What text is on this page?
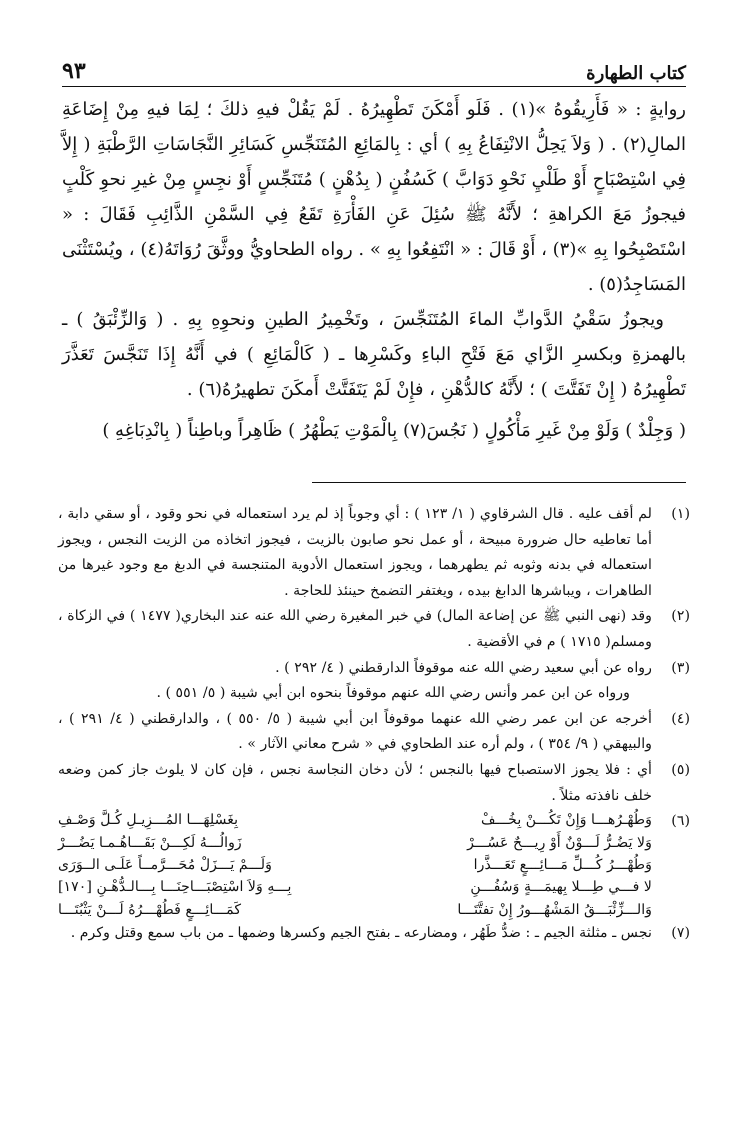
كتاب الطهارة
٩٣

روايةٍ : « فَأَرِيقُوهُ »(١) . فَلَو أَمْكَنَ تَطْهِيرُهُ . لَمْ يَقُلْ فيهِ ذلكَ ؛ لِمَا فيهِ مِنْ إِضَاعَةِ المالِ(٢) . ( وَلاَ يَحِلُّ الانْتِفَاعُ بِهِ ) أي : بِالمَائِعِ المُتَنَجِّسِ كَسَائِرِ النَّجَاسَاتِ الرَّطْبَةِ ( إِلاَّ فِي اسْتِصْبَاحٍ أَوْ طَلْيِ نَحْوِ دَوَابَّ ) كَسُفُنٍ ( بِدُهْنٍ ) مُتَنَجِّسٍ أَوْ نجِسٍ مِنْ غيرِ نحوِ كَلْبٍ فيجوزُ مَعَ الكراهةِ ؛ لأَنَّهُ ﷺ سُئِلَ عَنِ الفَأْرَةِ تَقَعُ فِي السَّمْنِ الذَّائِبِ فَقَالَ : « اسْتَصْبِحُوا بِهِ »(٣) ، أَوْ قَالَ : « انْتَفِعُوا بِهِ » . رواه الطحاويُّ ووثَّقَ رُوَاتَهُ(٤) ، ويُسْتَثْنَى المَسَاجِدُ(٥) .

ويجوزُ سَقْيُ الدَّوابِّ الماءَ المُتَنَجِّسَ ، وتَخْمِيرُ الطينِ ونحوِهِ بِهِ . ( وَالزِّئْبَقُ ) ـ بالهمزةِ وبكسرِ الزَّاي مَعَ فَتْحِ الباءِ وكَسْرِها ـ ( كَالْمَائِعِ ) في أَنَّهُ إِذَا تَنَجَّسَ تَعَذَّرَ تَطْهِيرُهُ ( إِنْ تَفَتَّتَ ) ؛ لأَنَّهُ كالدُّهْنِ ، فإِنْ لَمْ يَتَفَتَّتْ أَمكَنَ تطهيرُهُ(٦) .

( وَجِلْدٌ ) وَلَوْ مِنْ غَيرِ مَأْكُولٍ ( نَجُسَ(٧) بِالْمَوْتِ يَطْهُرُ ) ظَاهِراً وباطِناً ( بِانْدِبَاغِهِ )

(١)
لم أقف عليه . قال الشرقاوي ( ١/ ١٢٣ ) : أي وجوباً إذ لم يرد استعماله في نحو وقود ، أو سقي دابة ، أما تعاطيه حال ضرورة مبيحة ، أو عمل نحو صابون بالزيت ، فيجوز اتخاذه من الزيت النجس ، ويجوز استعماله في بدنه وثوبه ثم يطهرهما ، ويجوز استعمال الأدوية المتنجسة في الدبغ مع وجود غيرها من الطاهرات ، ويباشرها الدابغ بيده ، ويغتفر التضمخ حينئذ للحاجة .
(٢)
وقد (نهى النبي ﷺ عن إضاعة المال) في خبر المغيرة رضي الله عنه عند البخاري( ١٤٧٧ ) في الزكاة ، ومسلم( ١٧١٥ ) م في الأقضية .
(٣)
رواه عن أبي سعيد رضي الله عنه موقوفاً الدارقطني ( ٤/ ٢٩٢ ) .
ورواه عن ابن عمر وأنس رضي الله عنهم موقوفاً بنحوه ابن أبي شيبة ( ٥/ ٥٥١ ) .
(٤)
أخرجه عن ابن عمر رضي الله عنهما موقوفاً ابن أبي شيبة ( ٥/ ٥٥٠ ) ، والدارقطني ( ٤/ ٢٩١ ) ، والبيهقي ( ٩/ ٣٥٤ ) ، ولم أره عند الطحاوي في « شرح معاني الآثار » .
(٥)
أي : فلا يجوز الاستصباح فيها بالنجس ؛ لأن دخان النجاسة نجس ، فإن كان لا يلوث جاز كمن وضعه خلف نافذته مثلاً .
(٦)
وَطُهْـرُهـــا وَإِنْ تَكُـــنْ بِخُـــفْ
بِغَسْلِهَـــا المُـــزِيـلِ كُـلَّ وَصْـفِ
وَلا يَضُـرُّ لَـــوْنٌ أَوْ رِيـــحٌ عَسُـــرْ
زَوالُـــهُ لَكِـــنْ بَقَـــاهُـمـا يَضُـــرْ
وَطُهْـــرُ كُـــلِّ مَـــائِـــعٍ تَعَـــذَّرا
وَلَـــمْ يَـــزَلْ مُحَـــرَّمــاً عَلَـى الــوَرَى
لا فـــي طِـــلا بِهيمَـــةٍ وَسُفُـــنِ
بِـــهِ وَلاَ اسْتِصْبَـــاحِنَـــا بِـــالـدُّهْـنِ [١٧٠]
وَالـــزِّئْبَـــقُ المَشْهُـــورُ إِنْ تفتَّتَـــا
كَمَـــائِـــعٍ فَطُهْـــرُهُ لَـــنْ يَثْبُتَـــا
(٧)
نجس ـ مثلثة الجيم ـ : ضدُّ طَهُر ، ومضارعه ـ بفتح الجيم وكسرها وضمها ـ من باب سمع وقتل وكرم .
